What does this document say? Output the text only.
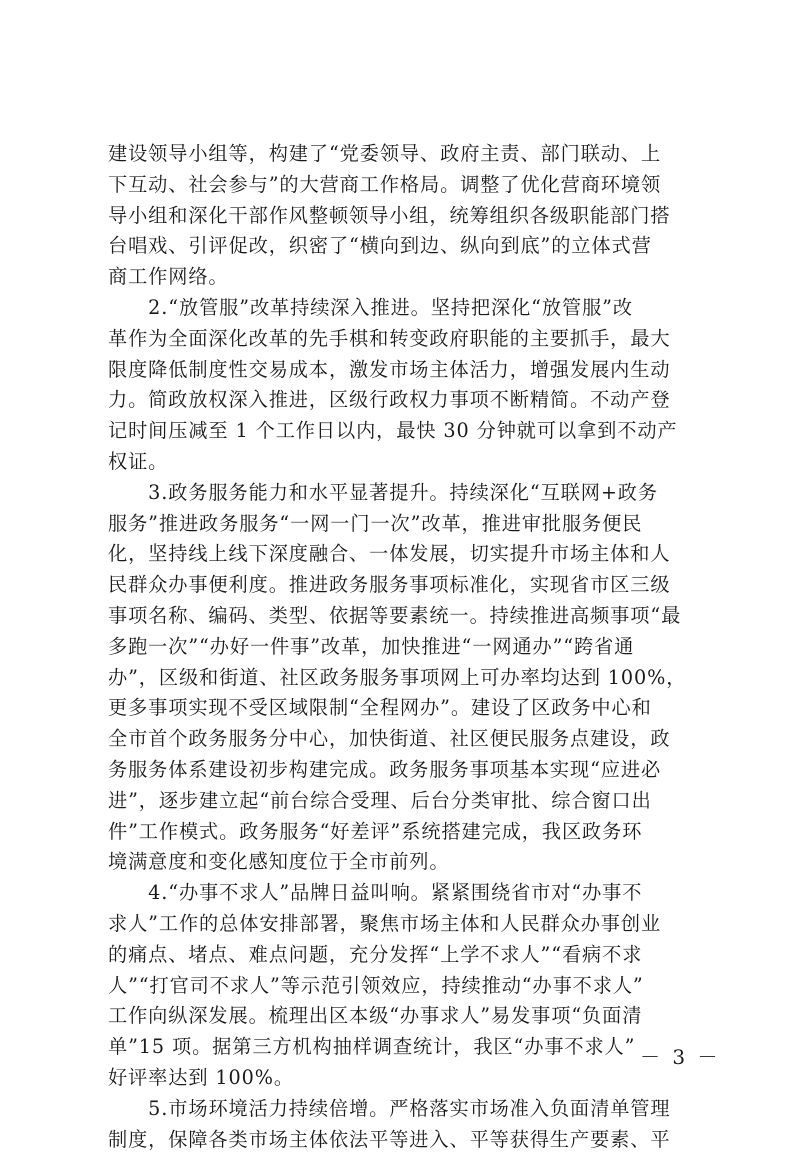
建设领导小组等，构建了“党委领导、政府主责、部门联动、上
下互动、社会参与”的大营商工作格局。调整了优化营商环境领
导小组和深化干部作风整顿领导小组，统筹组织各级职能部门搭
台唱戏、引评促改，织密了“横向到边、纵向到底”的立体式营
商工作网络。

　　2.“放管服”改革持续深入推进。坚持把深化“放管服”改
革作为全面深化改革的先手棋和转变政府职能的主要抓手，最大
限度降低制度性交易成本，激发市场主体活力，增强发展内生动
力。简政放权深入推进，区级行政权力事项不断精简。不动产登
记时间压减至 1 个工作日以内，最快 30 分钟就可以拿到不动产
权证。

　　3.政务服务能力和水平显著提升。持续深化“互联网+政务
服务”推进政务服务“一网一门一次”改革，推进审批服务便民
化，坚持线上线下深度融合、一体发展，切实提升市场主体和人
民群众办事便利度。推进政务服务事项标准化，实现省市区三级
事项名称、编码、类型、依据等要素统一。持续推进高频事项“最
多跑一次”“办好一件事”改革，加快推进“一网通办”“跨省通
办”，区级和街道、社区政务服务事项网上可办率均达到 100%，
更多事项实现不受区域限制“全程网办”。建设了区政务中心和
全市首个政务服务分中心，加快街道、社区便民服务点建设，政
务服务体系建设初步构建完成。政务服务事项基本实现“应进必
进”，逐步建立起“前台综合受理、后台分类审批、综合窗口出
件”工作模式。政务服务“好差评”系统搭建完成，我区政务环
境满意度和变化感知度位于全市前列。

　　4.“办事不求人”品牌日益叫响。紧紧围绕省市对“办事不
求人”工作的总体安排部署，聚焦市场主体和人民群众办事创业
的痛点、堵点、难点问题，充分发挥“上学不求人”“看病不求
人”“打官司不求人”等示范引领效应，持续推动“办事不求人”
工作向纵深发展。梳理出区本级“办事求人”易发事项“负面清
单”15 项。据第三方机构抽样调查统计，我区“办事不求人”
好评率达到 100%。

　　5.市场环境活力持续倍增。严格落实市场准入负面清单管理
制度，保障各类市场主体依法平等进入、平等获得生产要素、平

－ 3 －
